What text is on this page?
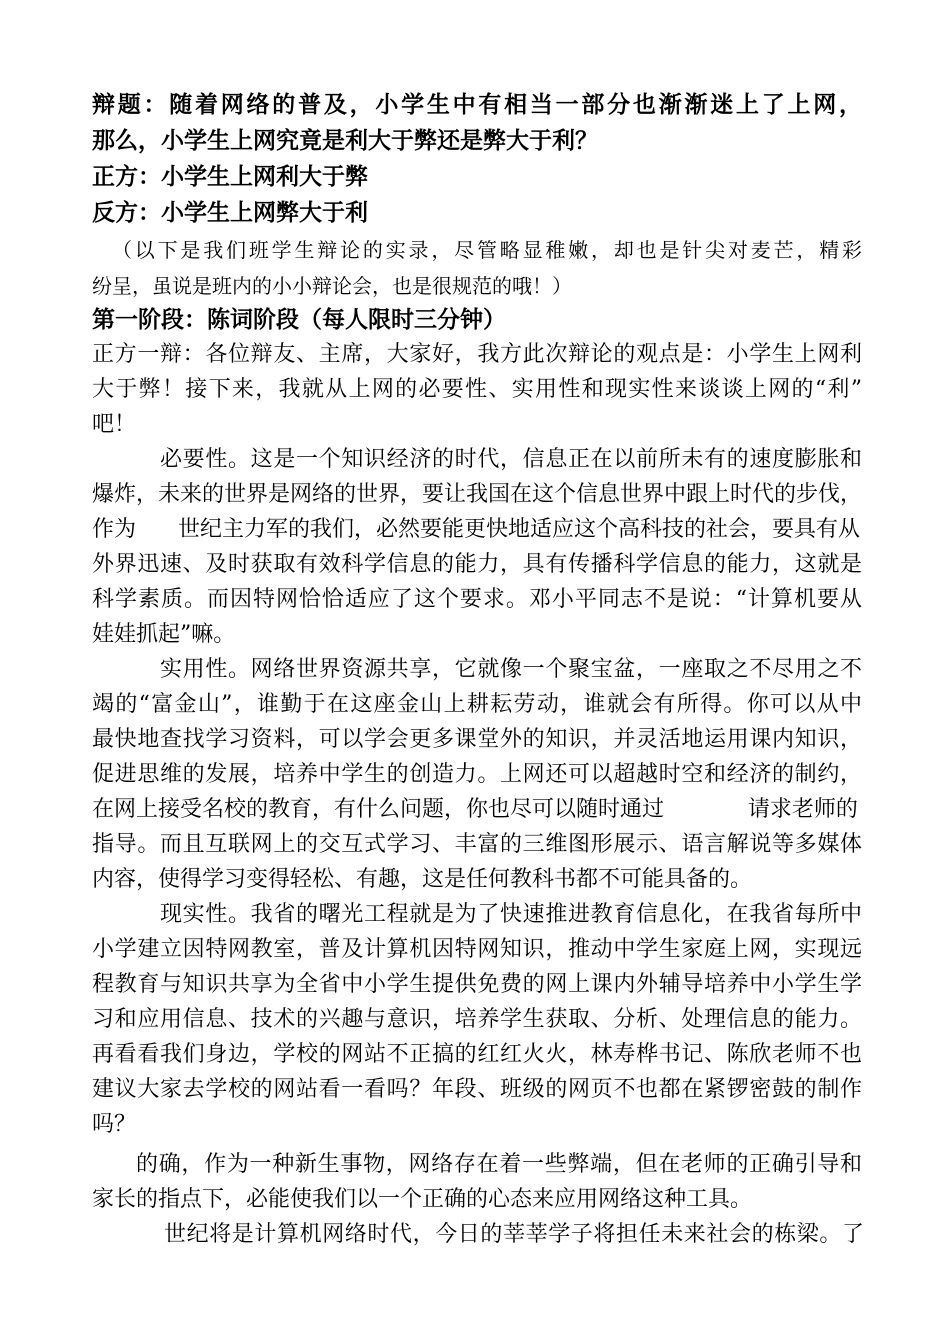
辩题：随着网络的普及，小学生中有相当一部分也渐渐迷上了上网，
那么，小学生上网究竟是利大于弊还是弊大于利？
正方：小学生上网利大于弊
反方：小学生上网弊大于利
（以下是我们班学生辩论的实录，尽管略显稚嫩，却也是针尖对麦芒，精彩
纷呈，虽说是班内的小小辩论会，也是很规范的哦！）
第一阶段：陈词阶段（每人限时三分钟）
正方一辩：各位辩友、主席，大家好，我方此次辩论的观点是：小学生上网利
大于弊！接下来，我就从上网的必要性、实用性和现实性来谈谈上网的“利”
吧！
必要性。这是一个知识经济的时代，信息正在以前所未有的速度膨胀和
爆炸，未来的世界是网络的世界，要让我国在这个信息世界中跟上时代的步伐，
作为      世纪主力军的我们，必然要能更快地适应这个高科技的社会，要具有从
外界迅速、及时获取有效科学信息的能力，具有传播科学信息的能力，这就是
科学素质。而因特网恰恰适应了这个要求。邓小平同志不是说：“计算机要从
娃娃抓起”嘛。
实用性。网络世界资源共享，它就像一个聚宝盆，一座取之不尽用之不
竭的“富金山”，谁勤于在这座金山上耕耘劳动，谁就会有所得。你可以从中
最快地查找学习资料，可以学会更多课堂外的知识，并灵活地运用课内知识，
促进思维的发展，培养中学生的创造力。上网还可以超越时空和经济的制约，
在网上接受名校的教育，有什么问题，你也尽可以随时通过            请求老师的
指导。而且互联网上的交互式学习、丰富的三维图形展示、语言解说等多媒体
内容，使得学习变得轻松、有趣，这是任何教科书都不可能具备的。
现实性。我省的曙光工程就是为了快速推进教育信息化，在我省每所中
小学建立因特网教室，普及计算机因特网知识，推动中学生家庭上网，实现远
程教育与知识共享为全省中小学生提供免费的网上课内外辅导培养中小学生学
习和应用信息、技术的兴趣与意识，培养学生获取、分析、处理信息的能力。
再看看我们身边，学校的网站不正搞的红红火火，林寿桦书记、陈欣老师不也
建议大家去学校的网站看一看吗？年段、班级的网页不也都在紧锣密鼓的制作
吗？
的确，作为一种新生事物，网络存在着一些弊端，但在老师的正确引导和
家长的指点下，必能使我们以一个正确的心态来应用网络这种工具。
世纪将是计算机网络时代，今日的莘莘学子将担任未来社会的栋梁。了
